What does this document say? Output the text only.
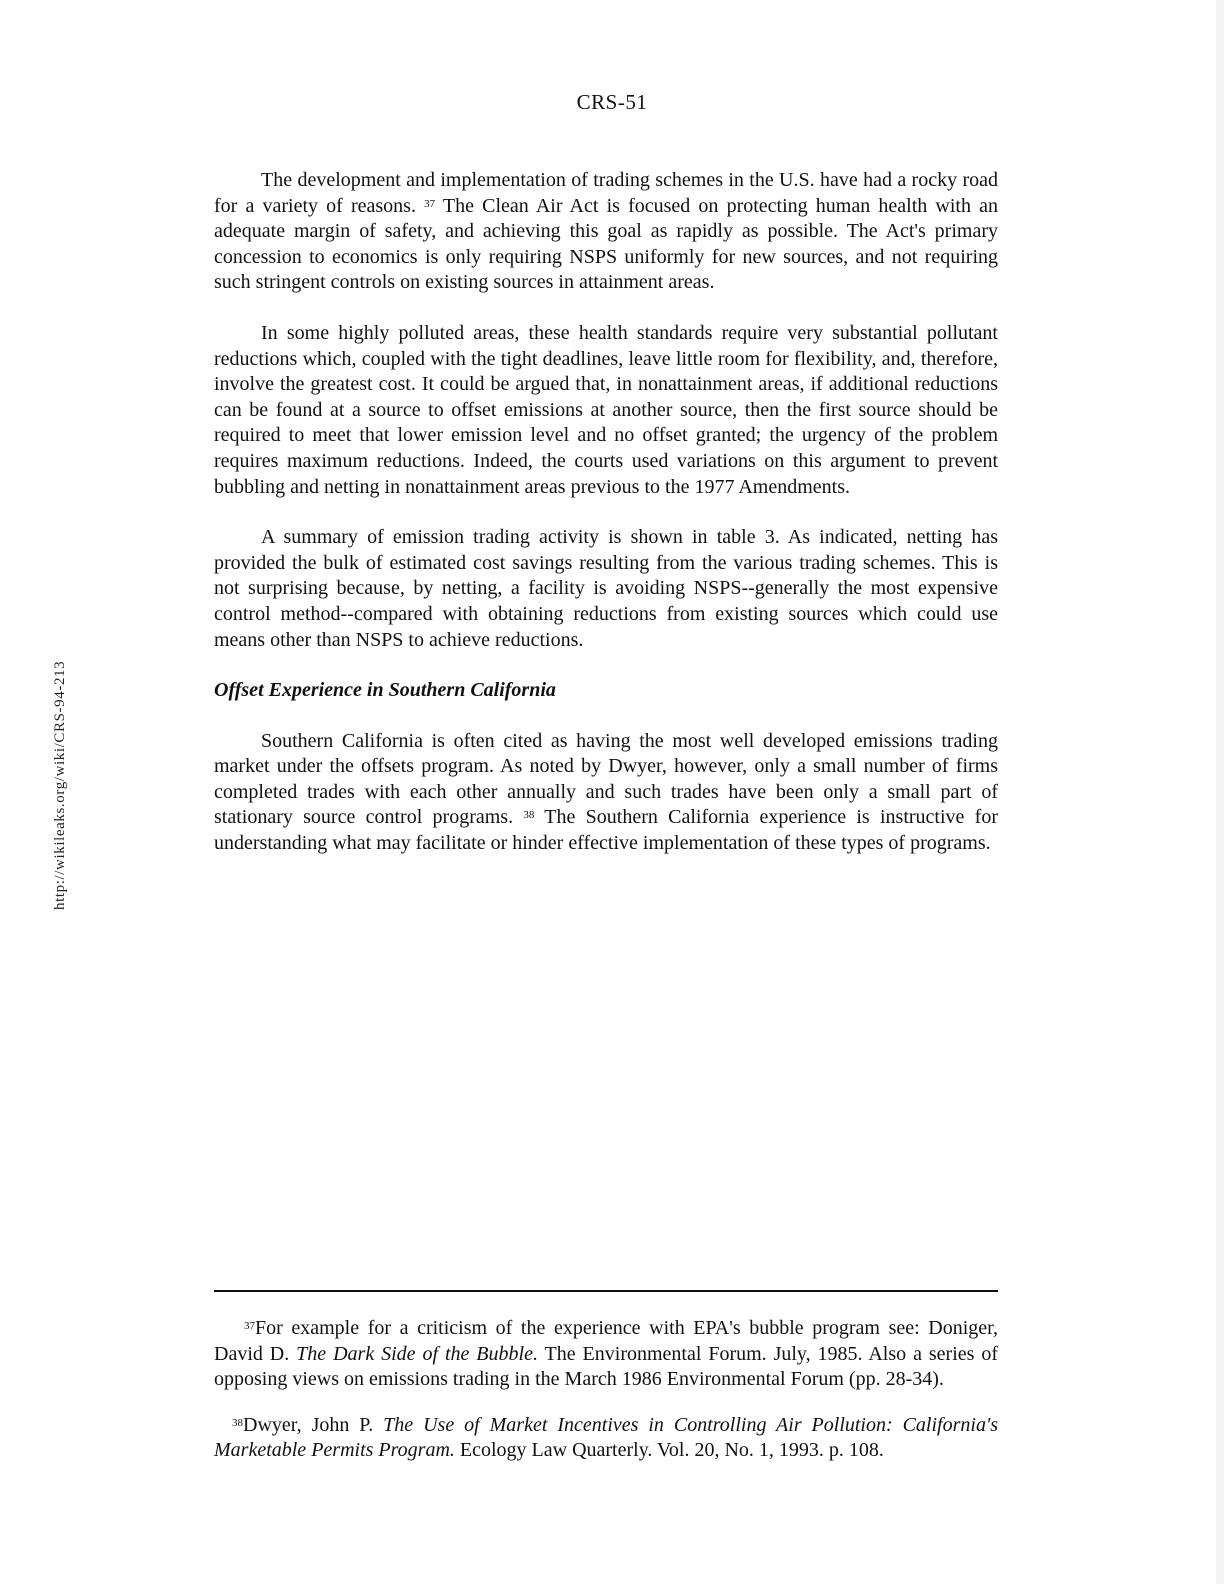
CRS-51
http://wikileaks.org/wiki/CRS-94-213

The development and implementation of trading schemes in the U.S. have had a rocky road for a variety of reasons. $^{37}$ The Clean Air Act is focused on protecting human health with an adequate margin of safety, and achieving this goal as rapidly as possible. The Act's primary concession to economics is only requiring NSPS uniformly for new sources, and not requiring such stringent controls on existing sources in attainment areas.

In some highly polluted areas, these health standards require very substantial pollutant reductions which, coupled with the tight deadlines, leave little room for flexibility, and, therefore, involve the greatest cost. It could be argued that, in nonattainment areas, if additional reductions can be found at a source to offset emissions at another source, then the first source should be required to meet that lower emission level and no offset granted; the urgency of the problem requires maximum reductions. Indeed, the courts used variations on this argument to prevent bubbling and netting in nonattainment areas previous to the 1977 Amendments.

A summary of emission trading activity is shown in table 3. As indicated, netting has provided the bulk of estimated cost savings resulting from the various trading schemes. This is not surprising because, by netting, a facility is avoiding NSPS--generally the most expensive control method--compared with obtaining reductions from existing sources which could use means other than NSPS to achieve reductions.

Offset Experience in Southern California

Southern California is often cited as having the most well developed emissions trading market under the offsets program. As noted by Dwyer, however, only a small number of firms completed trades with each other annually and such trades have been only a small part of stationary source control programs. $^{38}$ The Southern California experience is instructive for understanding what may facilitate or hinder effective implementation of these types of programs.

$^{37}$For example for a criticism of the experience with EPA's bubble program see: Doniger, David D. The Dark Side of the Bubble. The Environmental Forum. July, 1985. Also a series of opposing views on emissions trading in the March 1986 Environmental Forum (pp. 28-34).

$^{38}$Dwyer, John P. The Use of Market Incentives in Controlling Air Pollution: California's Marketable Permits Program. Ecology Law Quarterly. Vol. 20, No. 1, 1993. p. 108.
